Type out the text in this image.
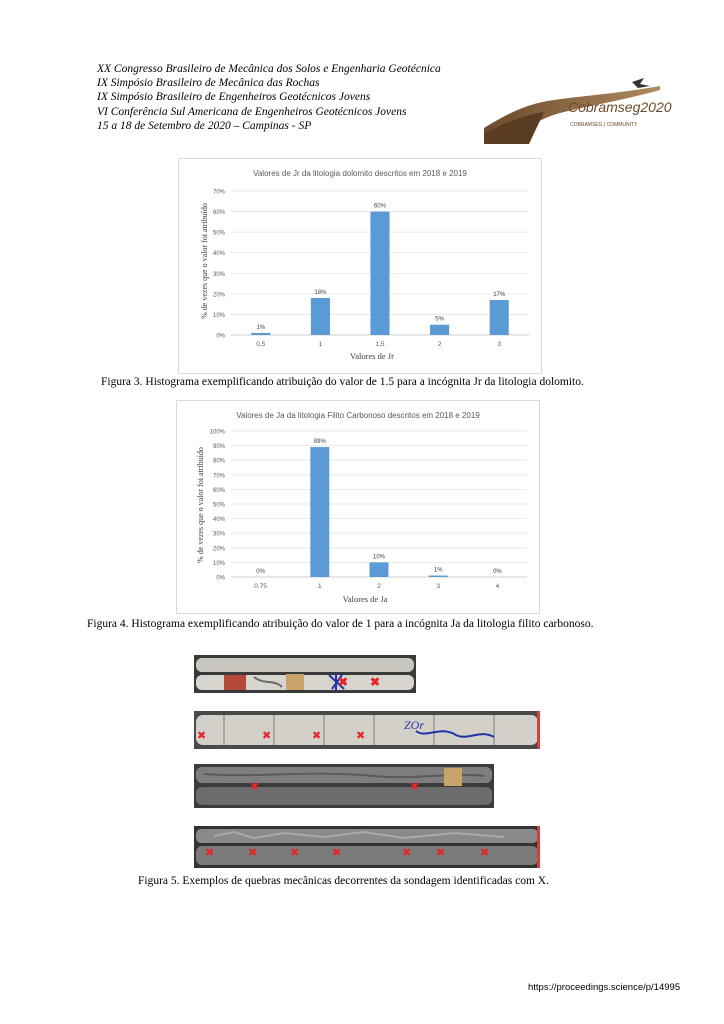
XX Congresso Brasileiro de Mecânica dos Solos e Engenharia Geotécnica
IX Simpósio Brasileiro de Mecânica das Rochas
IX Simpósio Brasileiro de Engenheiros Geotécnicos Jovens
VI Conferência Sul Americana de Engenheiros Geotécnicos Jovens
15 a 18 de Setembro de 2020 – Campinas - SP
Cobramseg2020
COBRAMSEG | COMMUNITY
Valores de Jr da litologia dolomito descritos em 2018 e 2019
Valores de Jr
% de vezes que o valor foi atribuído
0%
10%
20%
30%
40%
50%
60%
70%
1%
0,5
18%
1
60%
1,5
5%
2
17%
3
Figura 3. Histograma exemplificando atribuição do valor de 1.5 para a incógnita Jr da litologia dolomito.
Valores de Ja da litologia Filito Carbonoso descritos em 2018 e 2019
Valores de Ja
% de vezes que o valor foi atribuído
0%
10%
20%
30%
40%
50%
60%
70%
80%
90%
100%
0%
0.75
89%
1
10%
2
1%
3
0%
4
Figura 4. Histograma exemplificando atribuição do valor de 1 para a incógnita Ja da litologia filito carbonoso.
✖ ✖
ZOr
✖	✖	✖	✖
✖	✖
✖	✖	✖	✖	✖ ✖	✖
Figura 5. Exemplos de quebras mecânicas decorrentes da sondagem identificadas com X.
https://proceedings.science/p/14995
